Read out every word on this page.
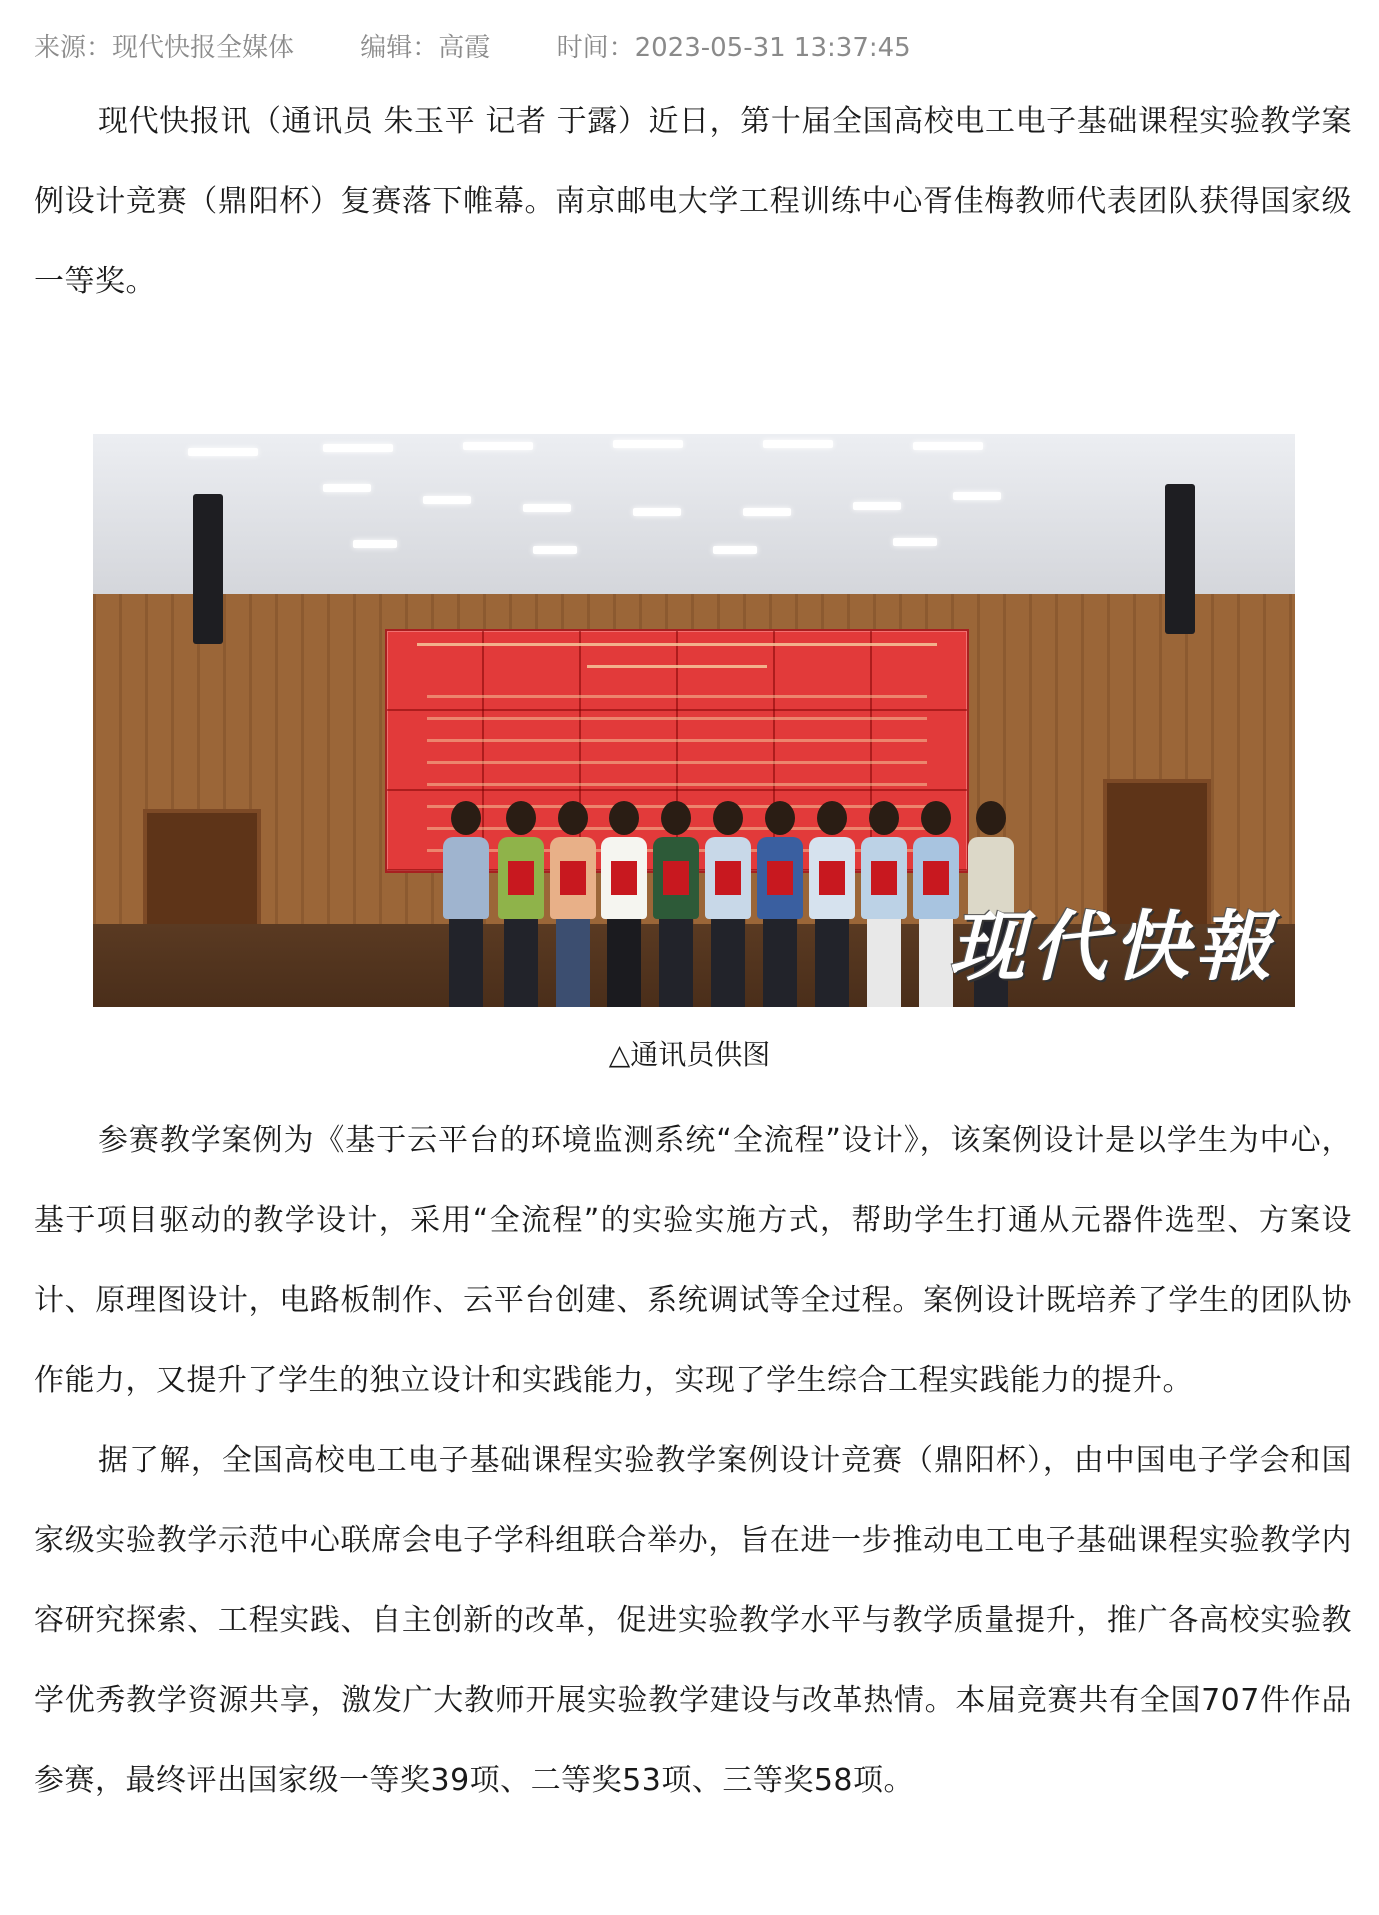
来源：现代快报全媒体	编辑：高霞	时间：2023-05-31 13:37:45

现代快报讯（通讯员 朱玉平 记者 于露）近日，第十届全国高校电工电子基础课程实验教学案例设计竞赛（鼎阳杯）复赛落下帷幕。南京邮电大学工程训练中心胥佳梅教师代表团队获得国家级一等奖。

现代快報
△通讯员供图

参赛教学案例为《基于云平台的环境监测系统“全流程”设计》，该案例设计是以学生为中心，基于项目驱动的教学设计，采用“全流程”的实验实施方式，帮助学生打通从元器件选型、方案设计、原理图设计，电路板制作、云平台创建、系统调试等全过程。案例设计既培养了学生的团队协作能力，又提升了学生的独立设计和实践能力，实现了学生综合工程实践能力的提升。

据了解，全国高校电工电子基础课程实验教学案例设计竞赛（鼎阳杯），由中国电子学会和国家级实验教学示范中心联席会电子学科组联合举办，旨在进一步推动电工电子基础课程实验教学内容研究探索、工程实践、自主创新的改革，促进实验教学水平与教学质量提升，推广各高校实验教学优秀教学资源共享，激发广大教师开展实验教学建设与改革热情。本届竞赛共有全国707件作品参赛，最终评出国家级一等奖39项、二等奖53项、三等奖58项。
